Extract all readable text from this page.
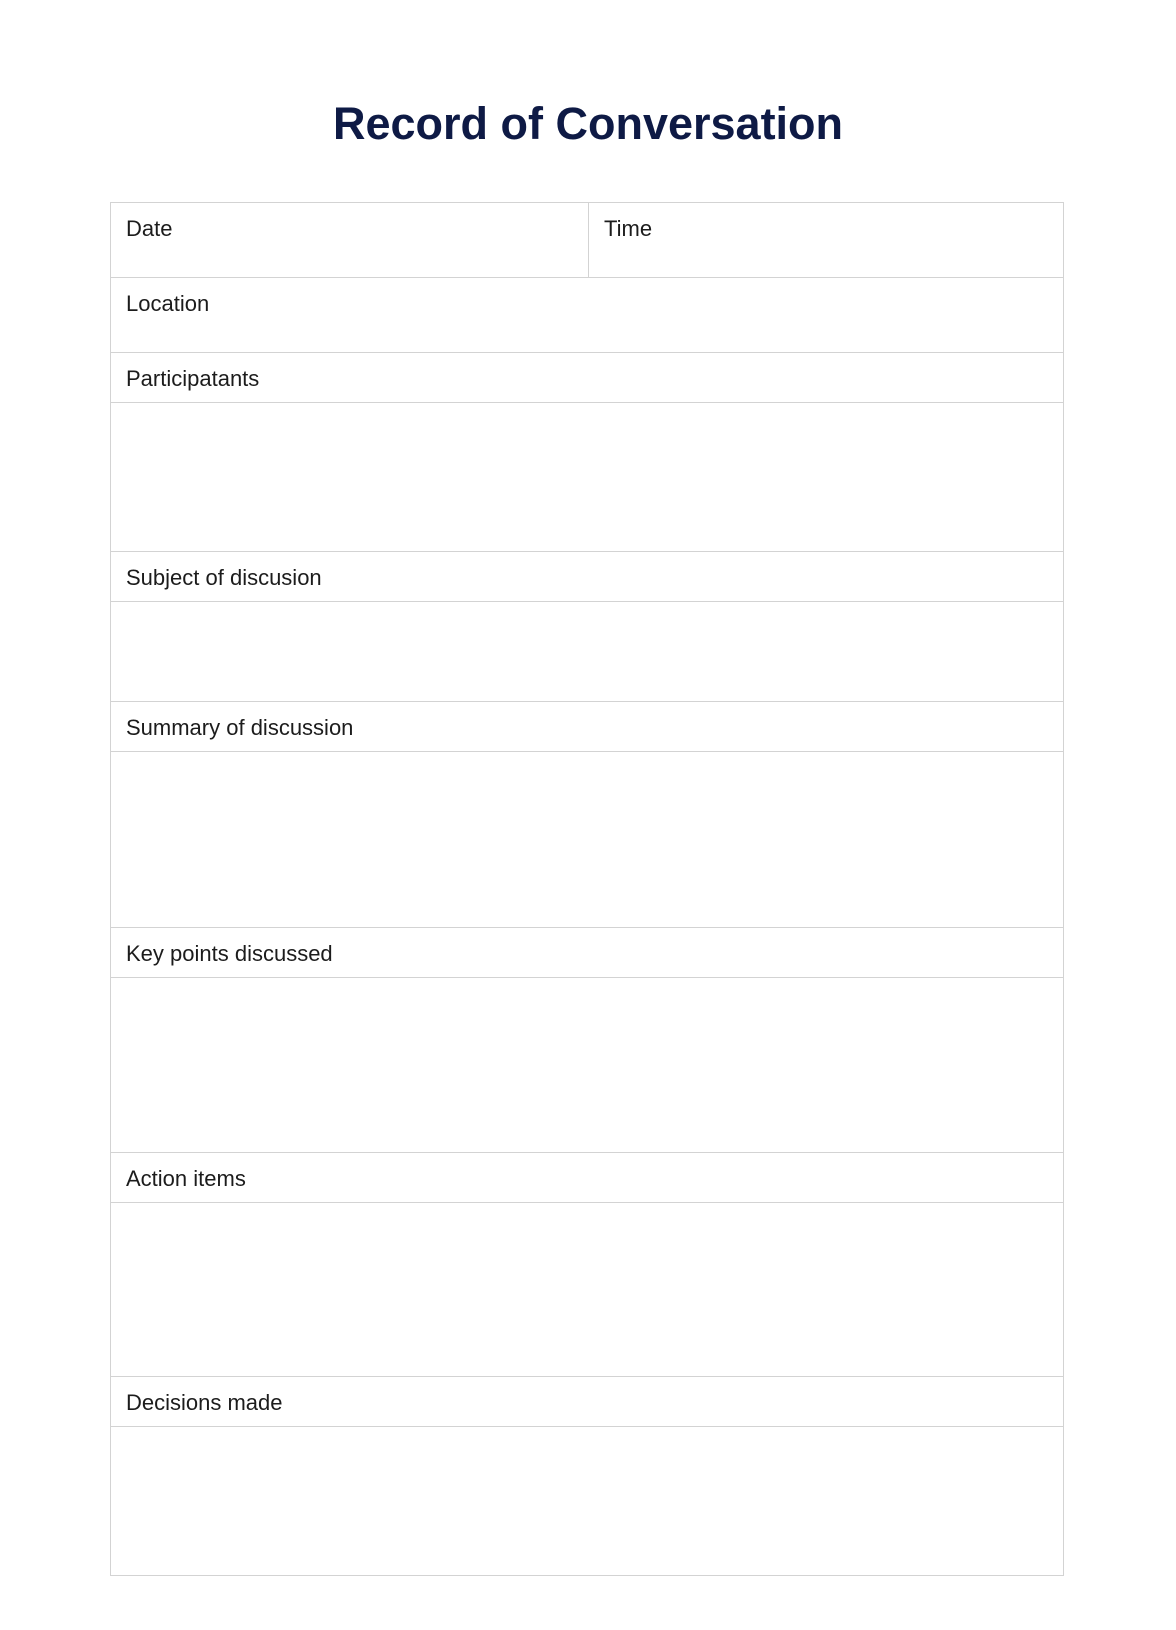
Record of Conversation
Date	Time
Location
Participatants
Subject of discusion
Summary of discussion
Key points discussed
Action items
Decisions made
